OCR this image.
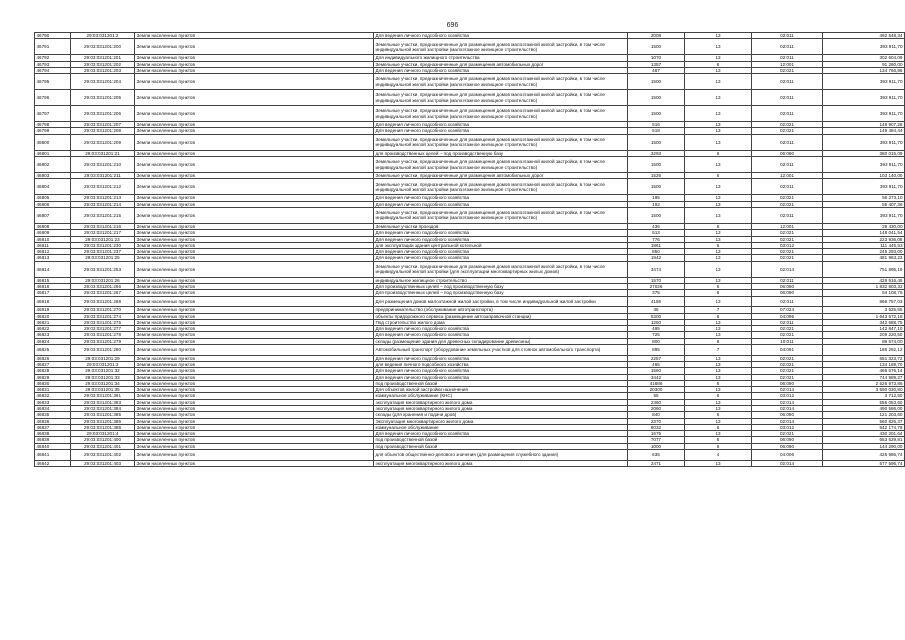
696
46790	29:03:031201:2	Земли населенных пунктов	Для ведения личного подсобного хозяйства	2008	13	02:011	492 548,34
46791	29:03:031201:200	Земли населенных пунктов	Земельные участки, предназначенные для размещения домов малоэтажной жилой застройки, в том числе индивидуальной жилой застройки (малоэтажное жилищное строительство)	1500	13	02:011	393 911,70
46792	29:03:031201:201	Земли населенных пунктов	Для индивидуального жилищного строительства	1070	13	02:011	302 604,09
46793	29:03:031201:202	Земли населенных пунктов	Земельные участки, предназначенные для размещения автомобильных дорог	1357	6	12:001	91 260,00
46794	29:03:031201:203	Земли населенных пунктов	Для ведения личного подсобного хозяйства	467	13	02:021	134 766,86
46795	29:03:031201:204	Земли населенных пунктов	Земельные участки, предназначенные для размещения домов малоэтажной жилой застройки, в том числе индивидуальной жилой застройки (малоэтажное жилищное строительство)	1500	13	02:011	393 911,70
46796	29:03:031201:205	Земли населенных пунктов	Земельные участки, предназначенные для размещения домов малоэтажной жилой застройки, в том числе индивидуальной жилой застройки (малоэтажное жилищное строительство)	1500	13	02:011	393 911,70
46797	29:03:031201:206	Земли населенных пунктов	Земельные участки, предназначенные для размещения домов малоэтажной жилой застройки, в том числе индивидуальной жилой застройки (малоэтажное жилищное строительство)	1500	13	02:011	393 911,70
46798	29:03:031201:207	Земли населенных пунктов	Для ведения личного подсобного хозяйства	516	13	02:021	148 907,28
46799	29:03:031201:208	Земли населенных пунктов	Для ведения личного подсобного хозяйства	518	13	02:021	149 484,44
46800	29:03:031201:209	Земли населенных пунктов	Земельные участки, предназначенные для размещения домов малоэтажной жилой застройки, в том числе индивидуальной жилой застройки (малоэтажное жилищное строительство)	1500	13	02:011	393 911,70
46801	29:03:031201:21	Земли населенных пунктов	для производственных целей – под производственную базу	3293	6	06:090	380 015,09
46802	29:03:031201:210	Земли населенных пунктов	Земельные участки, предназначенные для размещения домов малоэтажной жилой застройки, в том числе индивидуальной жилой застройки (малоэтажное жилищное строительство)	1500	13	02:011	393 911,70
46803	29:03:031201:211	Земли населенных пунктов	Земельные участки, предназначенные для размещения автомобильных дорог	1526	6	12:001	103 140,00
46804	29:03:031201:212	Земли населенных пунктов	Земельные участки, предназначенные для размещения домов малоэтажной жилой застройки, в том числе индивидуальной жилой застройки (малоэтажное жилищное строительство)	1500	13	02:011	393 911,70
46805	29:03:031201:213	Земли населенных пунктов	Для ведения личного подсобного хозяйства	195	13	02:021	56 273,10
46806	29:03:031201:214	Земли населенных пунктов	Для ведения личного подсобного хозяйства	192	13	02:021	55 407,36
46807	29:03:031201:215	Земли населенных пунктов	Земельные участки, предназначенные для размещения домов малоэтажной жилой застройки, в том числе индивидуальной жилой застройки (малоэтажное жилищное строительство)	1500	13	02:011	393 911,70
46808	29:03:031201:216	Земли населенных пунктов	Земельные участки проездов	436	6	12:001	29 430,00
46809	29:03:031201:217	Земли населенных пунктов	Для ведения личного подсобного хозяйства	513	13	02:021	148 041,54
46810	29:03:031201:23	Земли населенных пунктов	Для ведения личного подсобного хозяйства	776	13	02:021	223 936,08
46811	29:03:031201:230	Земли населенных пунктов	для эксплуатации здания центральной котельной	1861	6	03:012	111 445,53
46812	29:03:031201:237	Земли населенных пунктов	Для ведения личного подсобного хозяйства	850	13	02:021	245 293,00
46813	29:03:031201:25	Земли населенных пунктов	Для ведения личного подсобного хозяйства	1942	13	02:021	481 963,23
46814	29:03:031201:253	Земли населенных пунктов	Земельные участки, предназначенные для размещения домов малоэтажной жилой застройки, в том числе индивидуальной жилой застройки (для эксплуатации многоквартирных жилых домов)	3474	13	02:014	751 895,19
46815	29:03:031201:26	Земли населенных пунктов	индивидуальное жилищное строительство	1570	13	02:011	428 516,45
46816	29:03:031201:266	Земли населенных пунктов	Для производственных целей – под производственную базу	27026	6	06:090	1 832 803,32
46817	29:03:031201:267	Земли населенных пунктов	Для производственных целей – под производственную базу	375	6	06:090	54 108,75
46818	29:03:031201:268	Земли населенных пунктов	Для размещения домов малоэтажной жилой застройки, в том числе индивидуальной жилой застройки	4186	13	02:011	866 757,03
46819	29:03:031201:270	Земли населенных пунктов	предпринимательство (обслуживание автотранспорта)	35	7	07:024	3 525,55
46820	29:03:031201:274	Земли населенных пунктов	объекты придорожного сервиса (размещение автозаправочной станции)	5300	6	04:095	1 643 572,18
46821	29:03:031201:275	Земли населенных пунктов	Под строительство жилого дома	1250	13	02:011	342 688,75
46822	29:03:031201:277	Земли населенных пунктов	Для ведения личного подсобного хозяйства	495	13	02:021	142 847,10
46823	29:03:031201:278	Земли населенных пунктов	Для ведения личного подсобного хозяйства	725	13	02:021	209 220,50
46824	29:03:031201:279	Земли населенных пунктов	склады (размещение здания для древесных складирование древесины)	800	6	10:011	86 574,00
46825	29:03:031201:280	Земли населенных пунктов	Автомобильный транспорт (оборудование земельных участков для стоянок автомобильного транспорта)	895	7	04:091	186 292,12
46826	29:03:031201:29	Земли населенных пунктов	Для ведения личного подсобного хозяйства	2257	13	02:021	651 323,72
46827	29:03:031201:3	Земли населенных пунктов	для ведения личного подсобного хозяйства	465	13	02:021	134 189,70
46828	29:03:031201:32	Земли населенных пунктов	Для ведения личного подсобного хозяйства	1560	13	02:021	466 576,14
46829	29:03:031201:33	Земли населенных пунктов	Для ведения личного подсобного хозяйства	3442	13	02:021	744 989,27
46830	29:03:031201:34	Земли населенных пунктов	под производственной базой	41686	6	06:090	2 526 973,86
46831	29:03:031201:35	Земли населенных пунктов	Для объектов жилой застройки назначения	20300	13	02:014	3 590 030,80
46832	29:03:031201:381	Земли населенных пунктов	коммунальное обслуживание (КНС)	55	6	03:012	3 712,50
46833	29:03:031201:383	Земли населенных пунктов	эксплуатация многоквартирного жилого дома	2360	13	02:014	556 053,60
46834	29:03:031201:384	Земли населенных пунктов	эксплуатация многоквартирного жилого дома	2060	13	02:014	490 586,00
46835	29:03:031201:385	Земли населенных пунктов	склады (для хранения и подачи дров)	840	6	06:090	121 203,60
46836	29:03:031201:386	Земли населенных пунктов	Эксплуатация многоквартирного жилого дома	2370	13	02:014	560 826,37
46837	29:03:031201:388	Земли населенных пунктов	коммунальное обслуживание	8032	6	03:012	542 174,78
46838	29:03:031201:4	Земли населенных пунктов	Для ведения личного подсобного хозяйства	1675	13	02:021	430 201,64
46839	29:03:031201:400	Земли населенных пунктов	под производственной базой	7077	6	06:090	653 529,81
46840	29:03:031201:401	Земли населенных пунктов	под производственной базой	1000	6	06:090	144 290,00
46841	29:03:031201:402	Земли населенных пунктов	для объектов общественно-делового значения (для размещения служебного здания)	635	4	04:006	425 986,74
46842	29:03:031201:403	Земли населенных пунктов	эксплуатация многоквартирного жилого дома	2471	13	02:014	577 596,74
